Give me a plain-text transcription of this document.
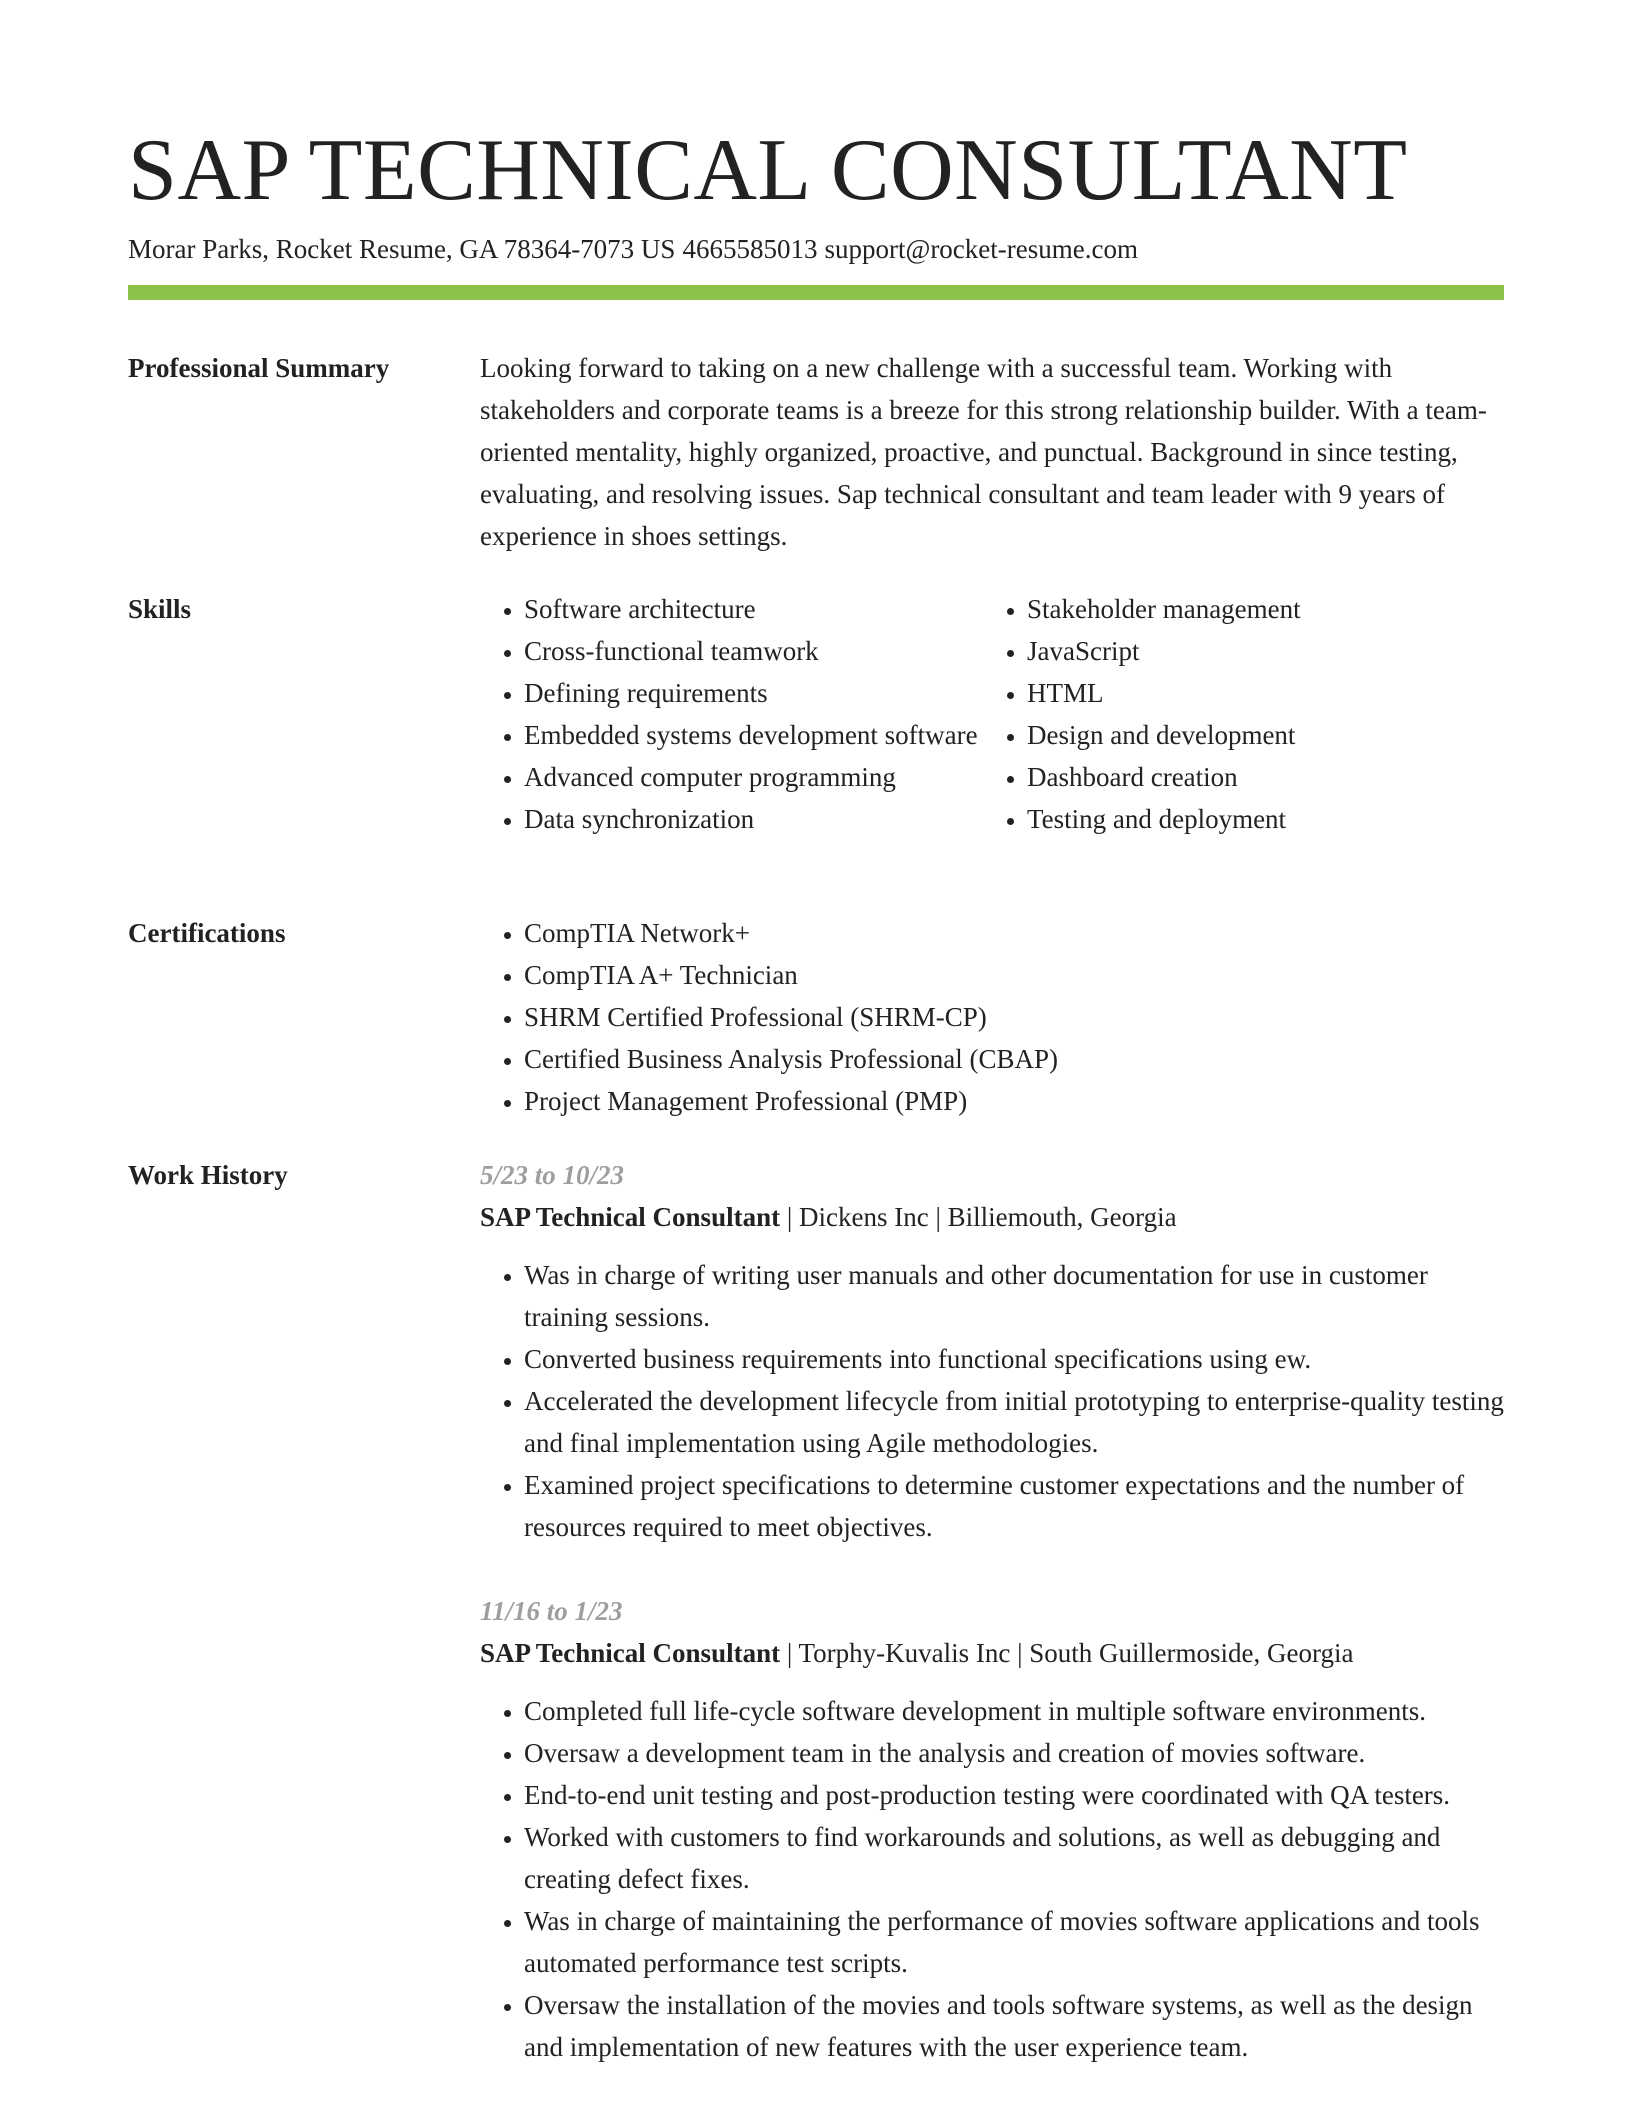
SAP TECHNICAL CONSULTANT
Morar Parks, Rocket Resume, GA 78364-7073 US 4665585013 support@rocket-resume.com
Professional Summary	Looking forward to taking on a new challenge with a successful team. Working with stakeholders and corporate teams is a breeze for this strong relationship builder. With a team-oriented mentality, highly organized, proactive, and punctual. Background in since testing, evaluating, and resolving issues. Sap technical consultant and team leader with 9 years of experience in shoes settings.

Skills	• Software architecture
• Cross-functional teamwork
• Defining requirements
• Embedded systems development software
• Advanced computer programming
• Data synchronization
• Stakeholder management
• JavaScript
• HTML
• Design and development
• Dashboard creation
• Testing and deployment
Certifications	• CompTIA Network+
• CompTIA A+ Technician
• SHRM Certified Professional (SHRM-CP)
• Certified Business Analysis Professional (CBAP)
• Project Management Professional (PMP)
Work History	5/23 to 10/23
SAP Technical Consultant | Dickens Inc | Billiemouth, Georgia
• Was in charge of writing user manuals and other documentation for use in customer training sessions.
• Converted business requirements into functional specifications using ew.
• Accelerated the development lifecycle from initial prototyping to enterprise-quality testing and final implementation using Agile methodologies.
• Examined project specifications to determine customer expectations and the number of resources required to meet objectives.
11/16 to 1/23
SAP Technical Consultant | Torphy-Kuvalis Inc | South Guillermoside, Georgia
• Completed full life-cycle software development in multiple software environments.
• Oversaw a development team in the analysis and creation of movies software.
• End-to-end unit testing and post-production testing were coordinated with QA testers.
• Worked with customers to find workarounds and solutions, as well as debugging and creating defect fixes.
• Was in charge of maintaining the performance of movies software applications and tools automated performance test scripts.
• Oversaw the installation of the movies and tools software systems, as well as the design and implementation of new features with the user experience team.
